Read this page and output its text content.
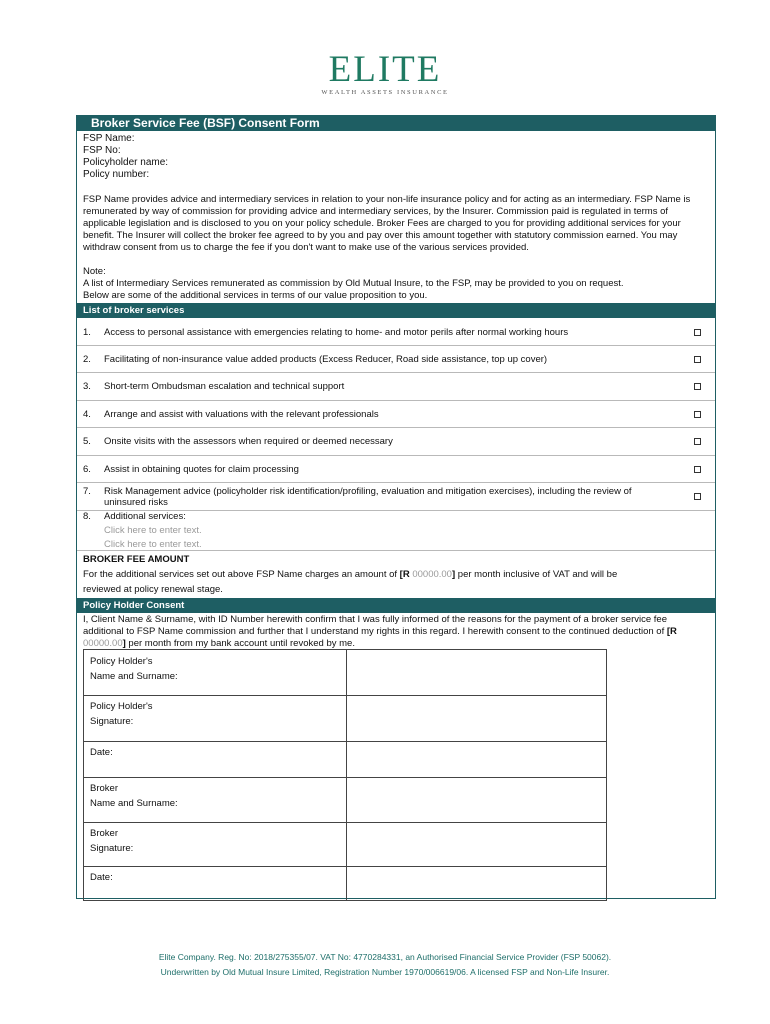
ELITE
WEALTH ASSETS INSURANCE
Broker Service Fee (BSF) Consent Form
FSP Name:
FSP No:
Policyholder name:
Policy number:
FSP Name provides advice and intermediary services in relation to your non-life insurance policy and for acting as an intermediary. FSP Name is remunerated by way of commission for providing advice and intermediary services, by the Insurer. Commission paid is regulated in terms of applicable legislation and is disclosed to you on your policy schedule. Broker Fees are charged to you for providing additional services for your benefit. The Insurer will collect the broker fee agreed to by you and pay over this amount together with statutory commission earned. You may withdraw consent from us to charge the fee if you don't want to make use of the various services provided.
Note:
A list of Intermediary Services remunerated as commission by Old Mutual Insure, to the FSP, may be provided to you on request.
Below are some of the additional services in terms of our value proposition to you.
List of broker services
1. Access to personal assistance with emergencies relating to home- and motor perils after normal working hours
2. Facilitating of non-insurance value added products (Excess Reducer, Road side assistance, top up cover)
3. Short-term Ombudsman escalation and technical support
4. Arrange and assist with valuations with the relevant professionals
5. Onsite visits with the assessors when required or deemed necessary
6. Assist in obtaining quotes for claim processing
7. Risk Management advice (policyholder risk identification/profiling, evaluation and mitigation exercises), including the review of uninsured risks
8. Additional services:
Click here to enter text.
Click here to enter text.
BROKER FEE AMOUNT
For the additional services set out above FSP Name charges an amount of [R 00000.00] per month inclusive of VAT and will be
reviewed at policy renewal stage.
Policy Holder Consent
I, Client Name & Surname, with ID Number herewith confirm that I was fully informed of the reasons for the payment of a broker service fee additional to FSP Name commission and further that I understand my rights in this regard. I herewith consent to the continued deduction of [R 00000.00] per month from my bank account until revoked by me.
Policy Holder's
Name and Surname:
Policy Holder's
Signature:
Date:
Broker
Name and Surname:
Broker
Signature:
Date:
Elite Company. Reg. No: 2018/275355/07. VAT No: 4770284331, an Authorised Financial Service Provider (FSP 50062).
Underwritten by Old Mutual Insure Limited, Registration Number 1970/006619/06. A licensed FSP and Non-Life Insurer.
